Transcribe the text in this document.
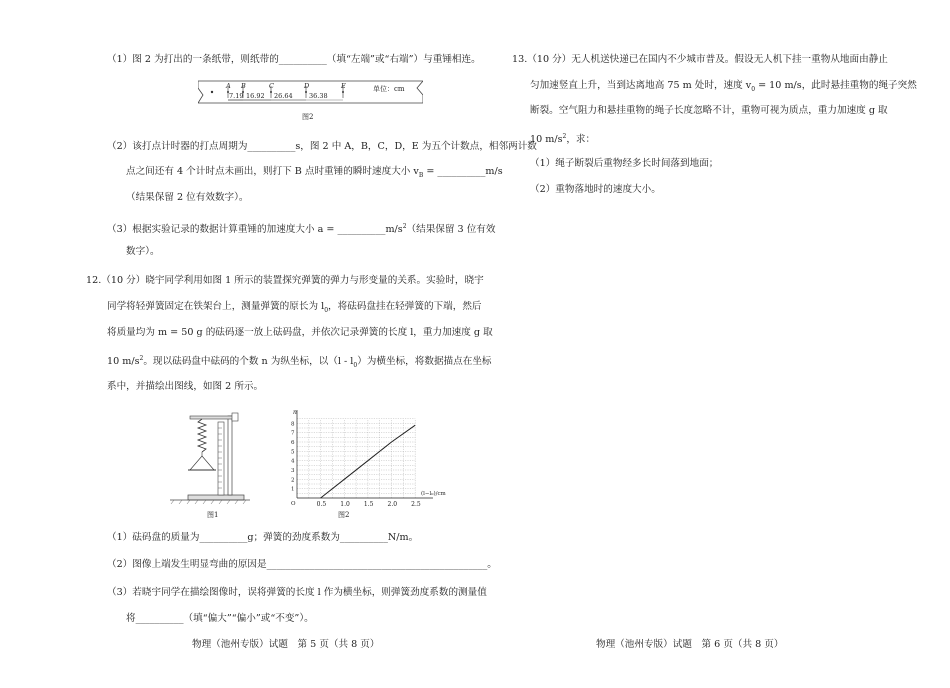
（1）图 2 为打出的一条纸带，则纸带的__________（填“左端”或“右端”）与重锤相连。
A B	C	D	E
7.19 16.92 26.64	36.38
单位：cm
图2
（2）该打点计时器的打点周期为__________s，图 2 中 A，B，C，D，E 为五个计数点，相邻两计数
点之间还有 4 个计时点未画出，则打下 B 点时重锤的瞬时速度大小 $v_B$ = __________m/s
（结果保留 2 位有效数字）。
（3）根据实验记录的数据计算重锤的加速度大小 $a = \_\_\_\_\_\_\_\_\_\_m/s^2$（结果保留 3 位有效
数字）。
12.（10 分）晓宇同学利用如图 1 所示的装置探究弹簧的弹力与形变量的关系。实验时，晓宇
同学将轻弹簧固定在铁架台上，测量弹簧的原长为 $l_0$，将砝码盘挂在轻弹簧的下端，然后
将质量均为 m = 50 g 的砝码逐一放上砝码盘，并依次记录弹簧的长度 l，重力加速度 g 取
10 $m/s^2$。现以砝码盘中砝码的个数 n 为纵坐标，以$(l - l_0)$为横坐标，将数据描点在坐标
系中，并描绘出图线，如图 2 所示。
图1
n
(l−l₀)/cm
O	0.5 1.0 1.5 2.0 2.5
1
2
3
4
5
6
7
8
图2
（1）砝码盘的质量为__________g；弹簧的劲度系数为__________N/m。
（2）图像上端发生明显弯曲的原因是______________________________________________。
（3）若晓宇同学在描绘图像时，误将弹簧的长度 l 作为横坐标，则弹簧劲度系数的测量值
将__________（填“偏大”“偏小”或“不变”）。
物理（池州专版）试题　第 5 页（共 8 页）
13.（10 分）无人机送快递已在国内不少城市普及。假设无人机下挂一重物从地面由静止
匀加速竖直上升，当到达离地高 75 m 处时，速度 $v_0 = 10$ m/s，此时悬挂重物的绳子突然
断裂。空气阻力和悬挂重物的绳子长度忽略不计，重物可视为质点，重力加速度 g 取
10 $m/s^2$，求：
（1）绳子断裂后重物经多长时间落到地面；
（2）重物落地时的速度大小。
物理（池州专版）试题　第 6 页（共 8 页）
